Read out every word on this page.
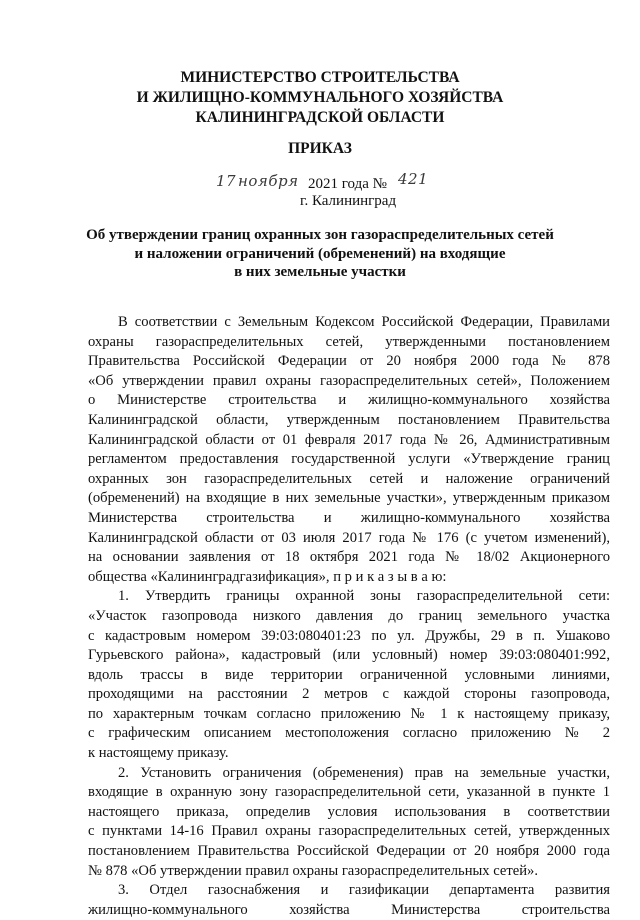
МИНИСТЕРСТВО СТРОИТЕЛЬСТВА
И ЖИЛИЩНО-КОММУНАЛЬНОГО ХОЗЯЙСТВА
КАЛИНИНГРАДСКОЙ ОБЛАСТИ
ПРИКАЗ
17 ноября 2021 года № 421
г. Калининград
Об утверждении границ охранных зон газораспределительных сетей
и наложении ограничений (обременений) на входящие
в них земельные участки
В соответствии с Земельным Кодексом Российской Федерации, Правилами
охраны газораспределительных сетей, утвержденными постановлением
Правительства Российской Федерации от 20 ноября 2000 года № 878
«Об утверждении правил охраны газораспределительных сетей», Положением
о Министерстве строительства и жилищно-коммунального хозяйства
Калининградской области, утвержденным постановлением Правительства
Калининградской области от 01 февраля 2017 года № 26, Административным
регламентом предоставления государственной услуги «Утверждение границ
охранных зон газораспределительных сетей и наложение ограничений
(обременений) на входящие в них земельные участки», утвержденным приказом
Министерства строительства и жилищно-коммунального хозяйства
Калининградской области от 03 июля 2017 года № 176 (с учетом изменений),
на основании заявления от 18 октября 2021 года № 18/02 Акционерного
общества «Калининградгазификация», п р и к а з ы в а ю:
1. Утвердить границы охранной зоны газораспределительной сети:
«Участок газопровода низкого давления до границ земельного участка
с кадастровым номером 39:03:080401:23 по ул. Дружбы, 29 в п. Ушаково
Гурьевского района», кадастровый (или условный) номер 39:03:080401:992,
вдоль трассы в виде территории ограниченной условными линиями,
проходящими на расстоянии 2 метров с каждой стороны газопровода,
по характерным точкам согласно приложению № 1 к настоящему приказу,
с графическим описанием местоположения согласно приложению № 2
к настоящему приказу.
2. Установить ограничения (обременения) прав на земельные участки,
входящие в охранную зону газораспределительной сети, указанной в пункте 1
настоящего приказа, определив условия использования в соответствии
с пунктами 14-16 Правил охраны газораспределительных сетей, утвержденных
постановлением Правительства Российской Федерации от 20 ноября 2000 года
№ 878 «Об утверждении правил охраны газораспределительных сетей».
3. Отдел газоснабжения и газификации департамента развития
жилищно-коммунального хозяйства Министерства строительства
